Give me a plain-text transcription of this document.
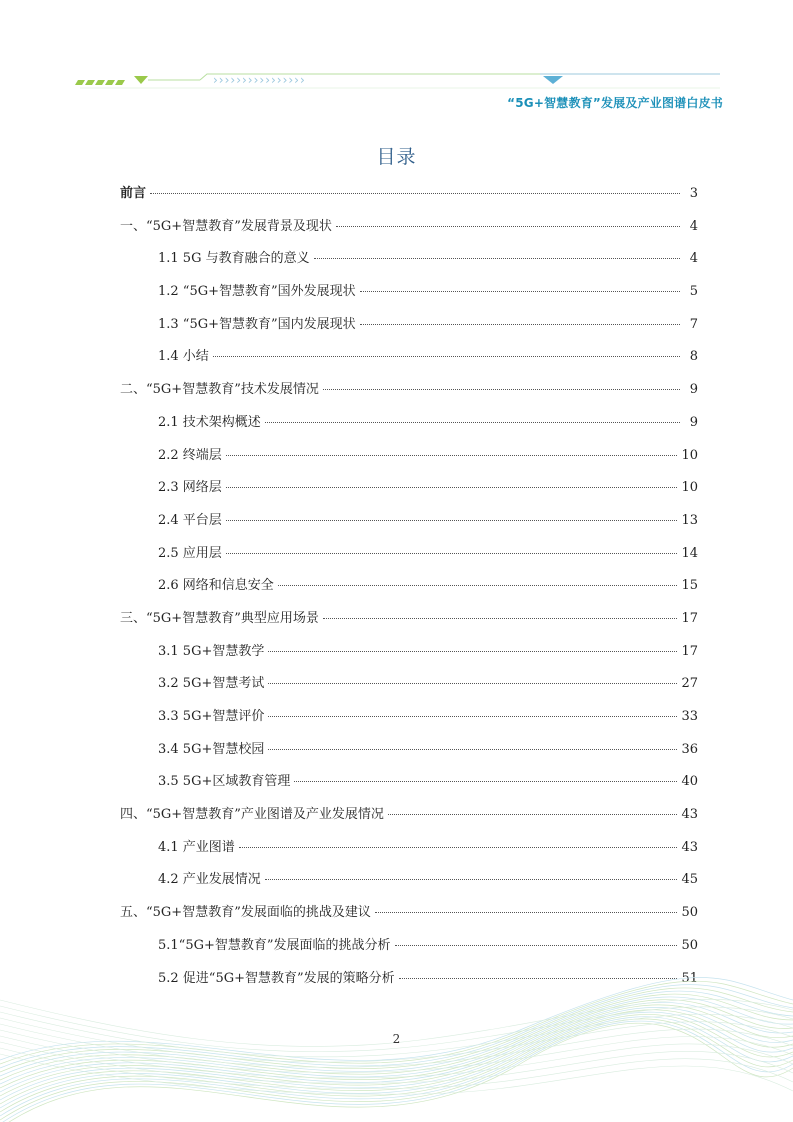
››››››››››››››››
“5G+智慧教育”发展及产业图谱白皮书
目录
前言	3
一、“5G+智慧教育”发展背景及现状	4
1.1 5G 与教育融合的意义	4
1.2 “5G+智慧教育”国外发展现状	5
1.3 “5G+智慧教育”国内发展现状	7
1.4 小结	8
二、“5G+智慧教育”技术发展情况	9
2.1 技术架构概述	9
2.2 终端层	10
2.3 网络层	10
2.4 平台层	13
2.5 应用层	14
2.6 网络和信息安全	15
三、“5G+智慧教育”典型应用场景	17
3.1 5G+智慧教学	17
3.2 5G+智慧考试	27
3.3 5G+智慧评价	33
3.4 5G+智慧校园	36
3.5 5G+区域教育管理	40
四、“5G+智慧教育”产业图谱及产业发展情况	43
4.1 产业图谱	43
4.2 产业发展情况	45
五、“5G+智慧教育”发展面临的挑战及建议	50
5.1“5G+智慧教育”发展面临的挑战分析	50
5.2 促进“5G+智慧教育”发展的策略分析	51
2
